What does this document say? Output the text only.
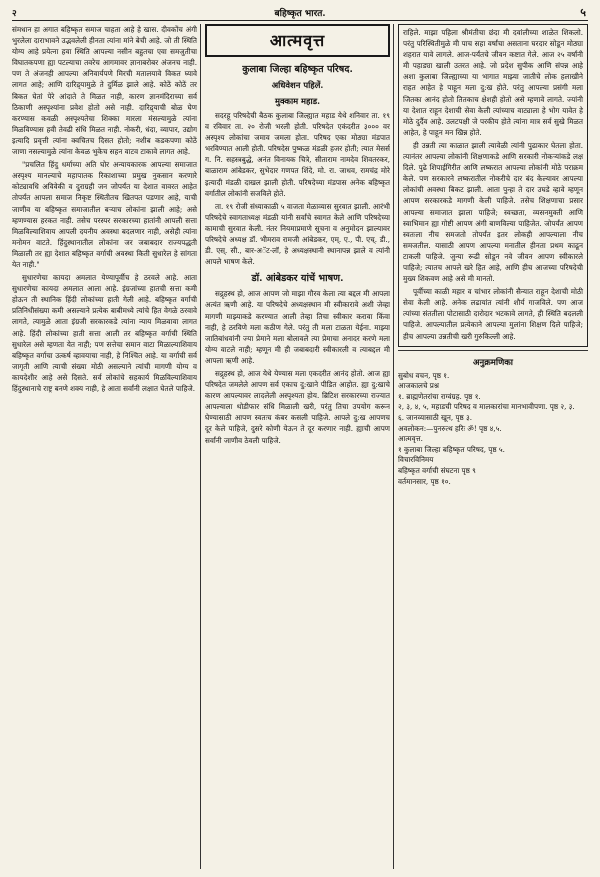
२	बहिष्कृत भारत.	५

संमधान हा अगात बहिष्कृत समाज चाहता आहे हे खास. दीवकोंच अंगी भुरलेला दाराभावने उद्भवलेली हीनता त्यांना मांने बेची आहे. जो ती स्थिति योग्य आहे प्रयेत्ना हवा स्थिति आपल्या नसीन बहुतचा एवा समजुतीचा विघातकपणा ह्या पटल्याचा तवरेच आगमावर ज्ञानाबरोबर अंजनच नाही. पण ते अंजनही आपल्या अनिवार्यपणे मिरची मतालयावे विकत घ्यावे लागत आहे; आणि दारिद्र्यामुळे ते दुर्मिळ झाले आहे. कोठें कोठें तर बिकत घेतां पेरे आंदाते ते मिळत नाही, कारण ज्ञानमंदिराच्या सर्व ठिकाणी अस्पृश्यांना प्रवेश होतो असे नाही. दारिद्र्याची बोळ घेण करण्यास कवळी अस्पृश्यतेचा शिक्का मारला मंसल्यामुळे त्यांना मिळविण्यास हवी तेवढी संधि मिळत नाही. नोकरी, धंदा, व्यापार, उद्योग इत्यादि प्रवृत्ती त्यांना क्वचितच दिसत होतो; नशीब कडकपणा कोठें जाणा नसल्यामुळे त्यांना केवळ भुकेच सहन वाटव टाकावे लागत आहे.

"प्रचलित हिंदु धर्माच्या अति घोर अन्यायकारक आपल्या समाजात अस्पृश्य मानल्याचे महापातक रिकाशाच्या प्रमुख नुकसान करणारे कोट्यावधि अविवेकी व दुराग्रही जन जोपर्यंत या देशात वावरत आहेत तोपर्यंत आपला समाज निकृष्ट स्थितीतच खितपत पडणार आहे, याची जाणीव या बहिष्कृत समाजातील बऱ्याच लोकांना झाली आहे; असे म्हणण्यास हरकत नाही. तसेच परस्पर सरकारच्या हातांनी आपली सत्ता मिळविल्याशिवाय आपली दयनीय अवस्था बदलणार नाही, असेही त्यांना मनोमन वाटते. हिंदुस्थानातील लोकांना जर जबाबदार राज्यपद्धती मिळाली तर ह्या देशात बहिष्कृत वर्गाची अवस्था किती सुधारेल हे सांगता येत नाही."

सुधारणेचा कायदा अमलात येण्यापूर्वीच हे ठरवले आहे. आता सुधारणेचा कायदा अमलात आला आहे. इंग्रजांच्या हातची सत्ता कमी होऊन ती स्थानिक हिंदी लोकांच्या हाती गेली आहे. बहिष्कृत वर्गाची प्रतिनिधीसंख्या कमी असल्याने प्रत्येक बाबीमध्ये त्यांचे हित वेगळे ठरवावे लागते, त्यामुळे आता इंग्रजी सरकारकडे त्यांना न्याय मिळवावा लागत आहे. हिंदी लोकांच्या हाती सत्ता आली तर बहिष्कृत वर्गाची स्थिति सुधारेल असे म्हणता येत नाही; पण सत्तेचा समान वाटा मिळाल्याशिवाय बहिष्कृत वर्गाचा उत्कर्ष व्हावयाचा नाही, हे निश्चित आहे. या वर्गाची सर्व जागृती आणि त्याची संख्या मोठी असल्याने त्यांची मागणी योग्य व कायदेशीर आहे असे दिसते. सर्व लोकांचे सहकार्य मिळविल्याशिवाय हिंदुस्थानाचे राष्ट्र बनणे शक्य नाही, हे आता सर्वांनी लक्षात घेतले पाहिजे.

आत्मवृत्त
कुलाबा जिल्हा बहिष्कृत परिषद.
अधिवेशन पहिलें.
मुक्काम महाड.

सदरहू परिषदेची बैठक कुलाबा जिल्ह्यात महाड येथे शनिवार ता. १९ व रविवार ता. २० रोजी भरली होती. परिषदेत एकंदरीत ३००० वर अस्पृश्य लोकांचा जमाव जमला होता. परिषद एका मोठ्या मंडपात भरविण्यात आली होती. परिषदेस पुष्कळ मंडळी हजर होती; त्यात मेसर्स ग. नि. सहस्त्रबुद्धे, अनंत विनायक चित्रे, सीताराम नामदेव शिवतरकर, बाळाराम आंबेडकर, सुभेदार गणपत शिंदे, मो. रा. जाधव, रामचंद्र मोरे इत्यादी मंडळी दाखल झाली होती. परिषदेच्या मंडपास अनेक बहिष्कृत वर्गातील लोकांनी सजविले होते.

ता. १९ रोजी संध्याकाळी ५ वाजता मेळाव्यास सुरवात झाली. आरंभी परिषदेचे स्वागताध्यक्ष मंडळी यांनी सर्वांचे स्वागत केले आणि परिषदेच्या कामाची सुरवात केली. नंतर नियमाप्रमाणे सूचना व अनुमोदन झाल्यावर परिषदेचे अध्यक्ष डॉ. भीमराव रामजी आंबेडकर, एम्. ए., पी. एच्. डी., डी. एस्. सी., बार-अॅट-लॉ, हे अध्यक्षस्थानी स्थानापन्न झाले व त्यांनी आपले भाषण केले.

डॉ. आंबेडकर यांचें भाषण.

सद्गृहस्थ हो, आज आपण जो माझा गौरव केला त्या बद्दल मी आपला अत्यंत ऋणी आहे. या परिषदेचे अध्यक्षस्थान मी स्वीकारावे अशी जेव्हा मागणी माझ्याकडे करण्यात आली तेव्हा तिचा स्वीकार करावा किंवा नाही, हे ठरविणे मला कठीण गेले. परंतु ती मला टाळता येईना. माझ्या जातिबांधवांनी ज्या प्रेमाने मला बोलावले त्या प्रेमाचा अनादर करणे मला योग्य वाटले नाही; म्हणून मी ही जबाबदारी स्वीकारली व त्याबद्दल मी आपला ऋणी आहे.

सद्गृहस्थ हो, आज येथे येण्यास मला एकदरीत आनंद होतो. आज ह्या परिषदेत जमलेले आपण सर्व एकाच दु:खाने पीडित आहोत. ह्या दु:खाचे कारण आपल्यावर लादलेली अस्पृश्यता होय. ब्रिटिश सरकारच्या राज्यात आपल्याला थोडीफार संधि मिळाली खरी, परंतु तिचा उपयोग करून घेण्यासाठी आपण स्वतःच कंबर कसली पाहिजे. आपले दु:ख आपणच दूर केले पाहिजे, दुसरे कोणी येऊन ते दूर करणार नाही. ह्याची आपण सर्वांनी जाणीव ठेवली पाहिजे.

राहिले. माझा पहिला श्रीमंतीचा छंदा मी दवांलीच्या शाळेत शिकलो. परंतु परिस्थितीमुळे मी पाच सहा वर्षांचा असताना घरदार सोडून मोठ्या शहरात यावे लागले. आज-पर्यंतचे जीवन कष्टात गेले. आज २५ वर्षांनी मी पहाड्या खाली उतरत आहे. जो प्रदेश सुपीक आणि संपन्न आहे अशा कुलाबा जिल्ह्याच्या या भागात माझ्या जातीचे लोक हलाखीने राहत आहेत हे पाहून मला दु:ख होते. परंतु आपल्या प्रसंगी मला जितका आनंद होतो तितकाच क्षेशही होतो असे म्हणावे लागते. ज्यांनी या देशात राहून देशाची सेवा केली त्यांच्याच वाट्याला हे भोग यावेत हे मोठे दुर्दैव आहे. उलटपक्षी जे परकीय होते त्यांना मात्र सर्व सुखे मिळत आहेत, हे पाहून मन खिन्न होते.

ही उन्नती त्या काळात झाली त्यावेळी त्यांनी पुढाकार घेतला होता. त्यानंतर आपल्या लोकांनी शिक्षणाकडे आणि सरकारी नोकऱ्यांकडे लक्ष दिले. पुढे शिपाईगिरीत आणि लष्करात आपल्या लोकांनी मोठे पराक्रम केले. पण सरकारने लष्करातील नोकरीचे दार बंद केल्यावर आपल्या लोकांची अवस्था बिकट झाली. आता पुन्हा ते दार उघडे व्हावे म्हणून आपण सरकारकडे मागणी केली पाहिजे. तसेच शिक्षणाचा प्रसार आपल्या समाजात झाला पाहिजे; स्वच्छता, व्यसनमुक्ती आणि स्वाभिमान ह्या गोष्टी आपण अंगी बाणविल्या पाहिजेत. जोपर्यंत आपण स्वतःला नीच समजतो तोपर्यंत इतर लोकही आपल्याला नीच समजतील. यासाठी आपण आपल्या मनातील हीनता प्रथम काढून टाकली पाहिजे. जुन्या रूढी सोडून नवे जीवन आपण स्वीकारले पाहिजे; त्यातच आपले खरे हित आहे, आणि हीच आजच्या परिषदेची मुख्य शिकवण आहे असे मी मानतो.

पूर्वीच्या काळी महार व चांभार लोकांनी सैन्यात राहून देशाची मोठी सेवा केली आहे. अनेक लढायांत त्यांनी शौर्य गाजविले. पण आज त्यांच्या संततीला पोटासाठी दारोदार भटकावे लागते, ही स्थिति बदलली पाहिजे. आपल्यातील प्रत्येकाने आपल्या मुलांना शिक्षण दिले पाहिजे; हीच आपल्या उन्नतीची खरी गुरुकिल्ली आहे.

अनुक्रमणिका

सुबोध वचन, पृष्ठ १.

आजकालचे प्रश्न

१. ब्राह्मणेतरांचा राग्वंग्रह. पृष्ठ १.

२, ३, ४, ५, महाडची परिषद व मालकारांचा मानभावीपणा. पृष्ठ २, ३.

६. जानव्यासाठी खून, पृष्ठ ३.

अवलोकन:—पुनरुत्थ हरिः ॐ! पृष्ठ ४,५.

आत्मवृत्त.

१ कुलाबा जिल्हा बहिष्कृत परिषद, पृष्ठ ५.

विचारविनिमय

बहिष्कृत वर्गाची संघटना पृष्ठ ९

वर्तमानसार, पृष्ठ १०.
